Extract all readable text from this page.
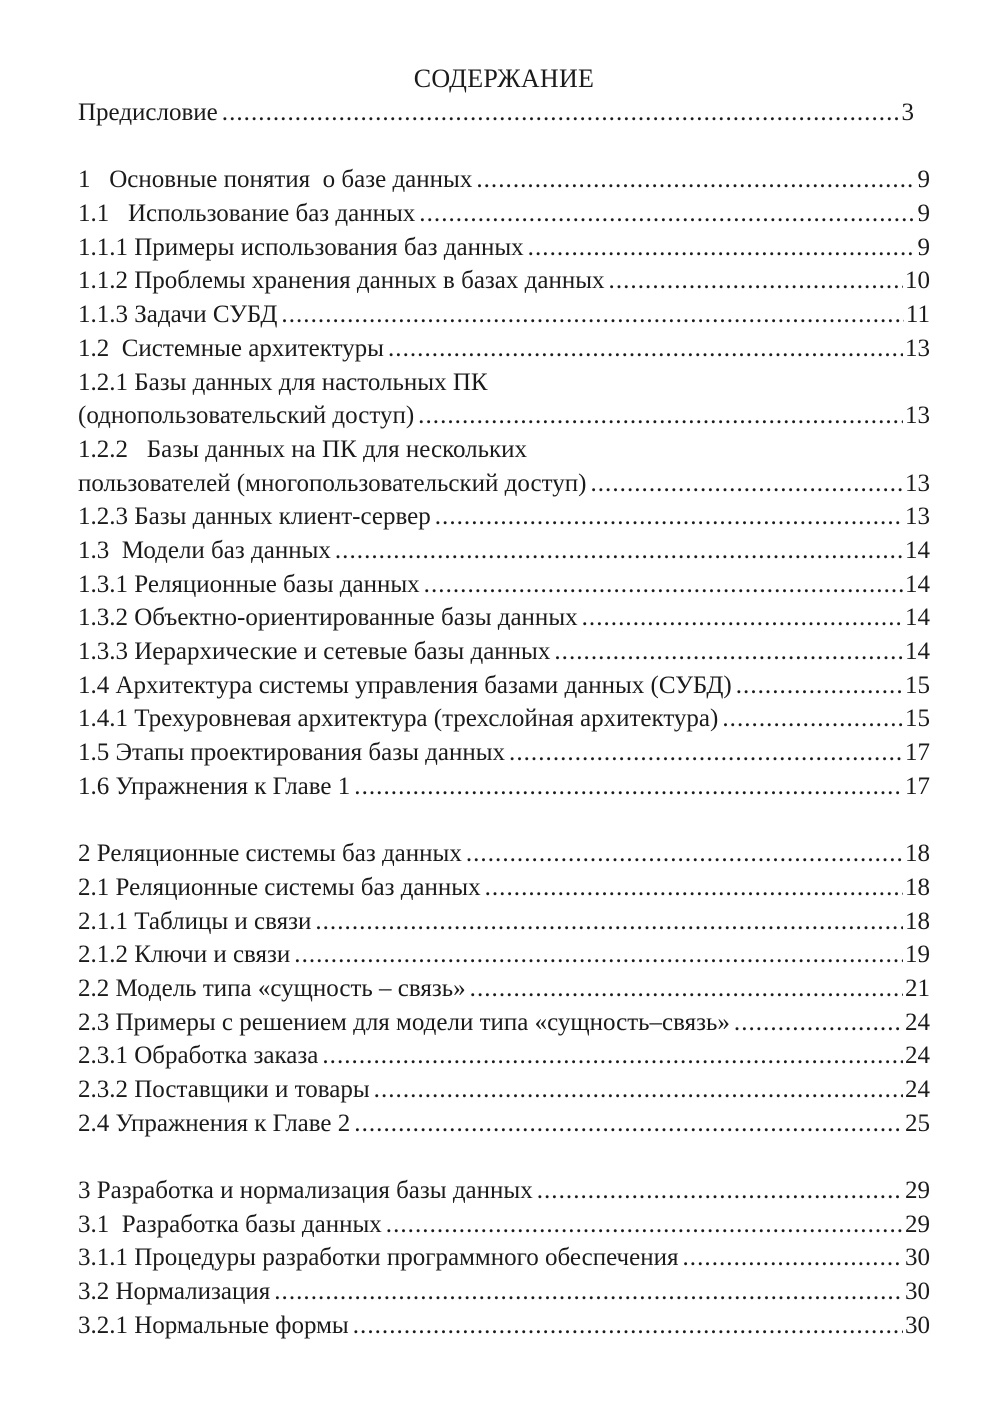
СОДЕРЖАНИЕ
Предисловие . . .	3
1   Основные понятия  о базе данных . . .	9
1.1   Использование баз данных . . .	9
1.1.1 Примеры использования баз данных . . .	9
1.1.2 Проблемы хранения данных в базах данных . . .	10
1.1.3 Задачи СУБД . . .	11
1.2  Системные архитектуры . . .	13
1.2.1 Базы данных для настольных ПК
(однопользовательский доступ) . . .	13
1.2.2   Базы данных на ПК для нескольких
пользователей (многопользовательский доступ) . . .	13
1.2.3 Базы данных клиент-сервер . . .	13
1.3  Модели баз данных . . .	14
1.3.1 Реляционные базы данных . . .	14
1.3.2 Объектно-ориентированные базы данных . . .	14
1.3.3 Иерархические и сетевые базы данных . . .	14
1.4 Архитектура системы управления базами данных (СУБД) . . .	15
1.4.1 Трехуровневая архитектура (трехслойная архитектура) . . .	15
1.5 Этапы проектирования базы данных . . .	17
1.6 Упражнения к Главе 1 . . .	17
2 Реляционные системы баз данных . . .	18
2.1 Реляционные системы баз данных . . .	18
2.1.1 Таблицы и связи . . .	18
2.1.2 Ключи и связи . . .	19
2.2 Модель типа «сущность – связь» . . .	21
2.3 Примеры с решением для модели типа «сущность–связь» . . .	24
2.3.1 Обработка заказа . . .	24
2.3.2 Поставщики и товары . . .	24
2.4 Упражнения к Главе 2 . . .	25
3 Разработка и нормализация базы данных . . .	29
3.1  Разработка базы данных . . .	29
3.1.1 Процедуры разработки программного обеспечения . . .	30
3.2 Нормализация . . .	30
3.2.1 Нормальные формы . . .	30
